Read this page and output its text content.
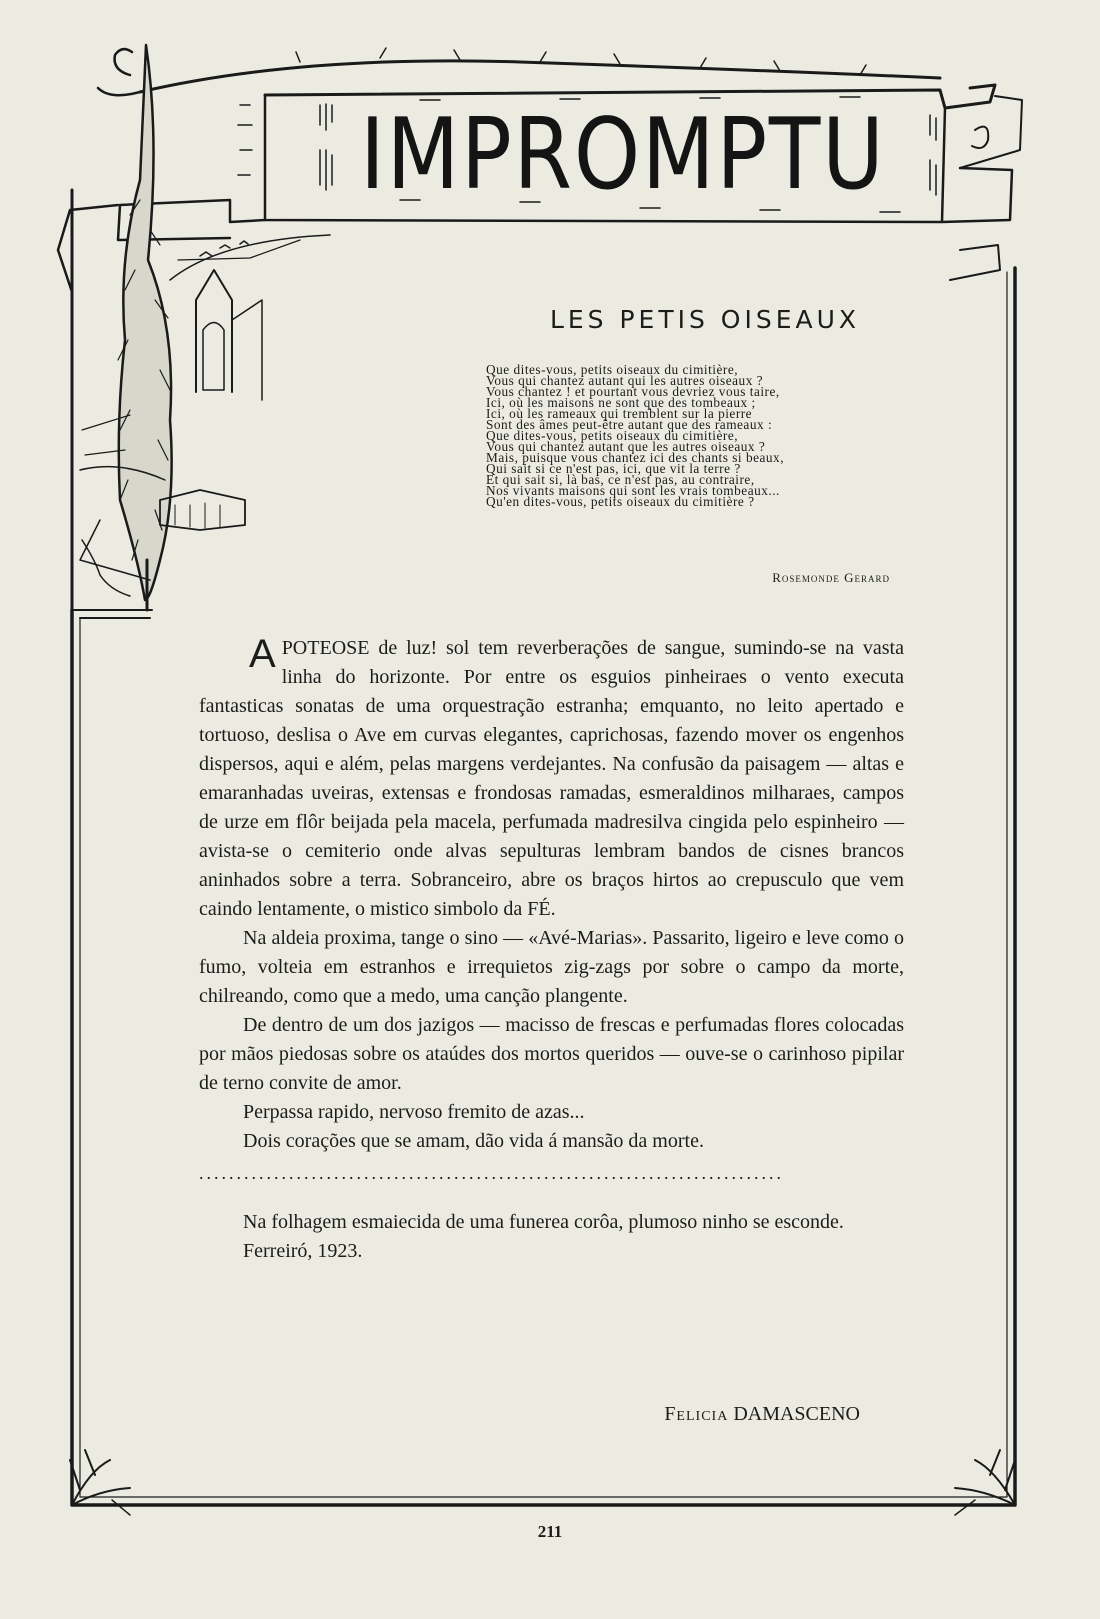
IMPROMPTU
LES PETIS OISEAUX
Que dites-vous, petits oiseaux du cimitière,
Vous qui chantez autant qui les autres oiseaux ?
Vous chantez ! et pourtant vous devriez vous taire,
Ici, où les maisons ne sont que des tombeaux ;
Ici, où les rameaux qui tremblent sur la pierre
Sont des âmes peut-être autant que des rameaux :
Que dites-vous, petits oiseaux du cimitière,
Vous qui chantez autant que les autres oiseaux ?
Mais, puisque vous chantez ici des chants si beaux,
Qui sait si ce n'est pas, ici, que vit la terre ?
Et qui sait si, là bas, ce n'est pas, au contraire,
Nos vivants maisons qui sont les vrais tombeaux...
Qu'en dites-vous, petits oiseaux du cimitière ?
Rosemonde Gerard

APOTEOSE de luz! sol tem reverberações de sangue, sumindo-se na vasta linha do horizonte. Por entre os esguios pinheiraes o vento executa fantasticas sonatas de uma orquestração estranha; emquanto, no leito apertado e tortuoso, deslisa o Ave em curvas elegantes, caprichosas, fazendo mover os engenhos dispersos, aqui e além, pelas margens verdejantes. Na confusão da paisagem — altas e emaranhadas uveiras, extensas e frondosas ramadas, esmeraldinos milharaes, campos de urze em flôr beijada pela macela, perfumada madresilva cingida pelo espinheiro — avista-se o cemiterio onde alvas sepulturas lembram bandos de cisnes brancos aninhados sobre a terra. Sobranceiro, abre os braços hirtos ao crepusculo que vem caindo lentamente, o mistico simbolo da FÉ.

Na aldeia proxima, tange o sino — «Avé-Marias». Passarito, ligeiro e leve como o fumo, volteia em estranhos e irrequietos zig-zags por sobre o campo da morte, chilreando, como que a medo, uma canção plangente.

De dentro de um dos jazigos — macisso de frescas e perfumadas flores colocadas por mãos piedosas sobre os ataúdes dos mortos queridos — ouve-se o carinhoso pipilar de terno convite de amor.

Perpassa rapido, nervoso fremito de azas...

Dois corações que se amam, dão vida á mansão da morte.

..............................................................................

Na folhagem esmaiecida de uma funerea corôa, plumoso ninho se esconde.

Ferreiró, 1923.

Felicia DAMASCENO
211
